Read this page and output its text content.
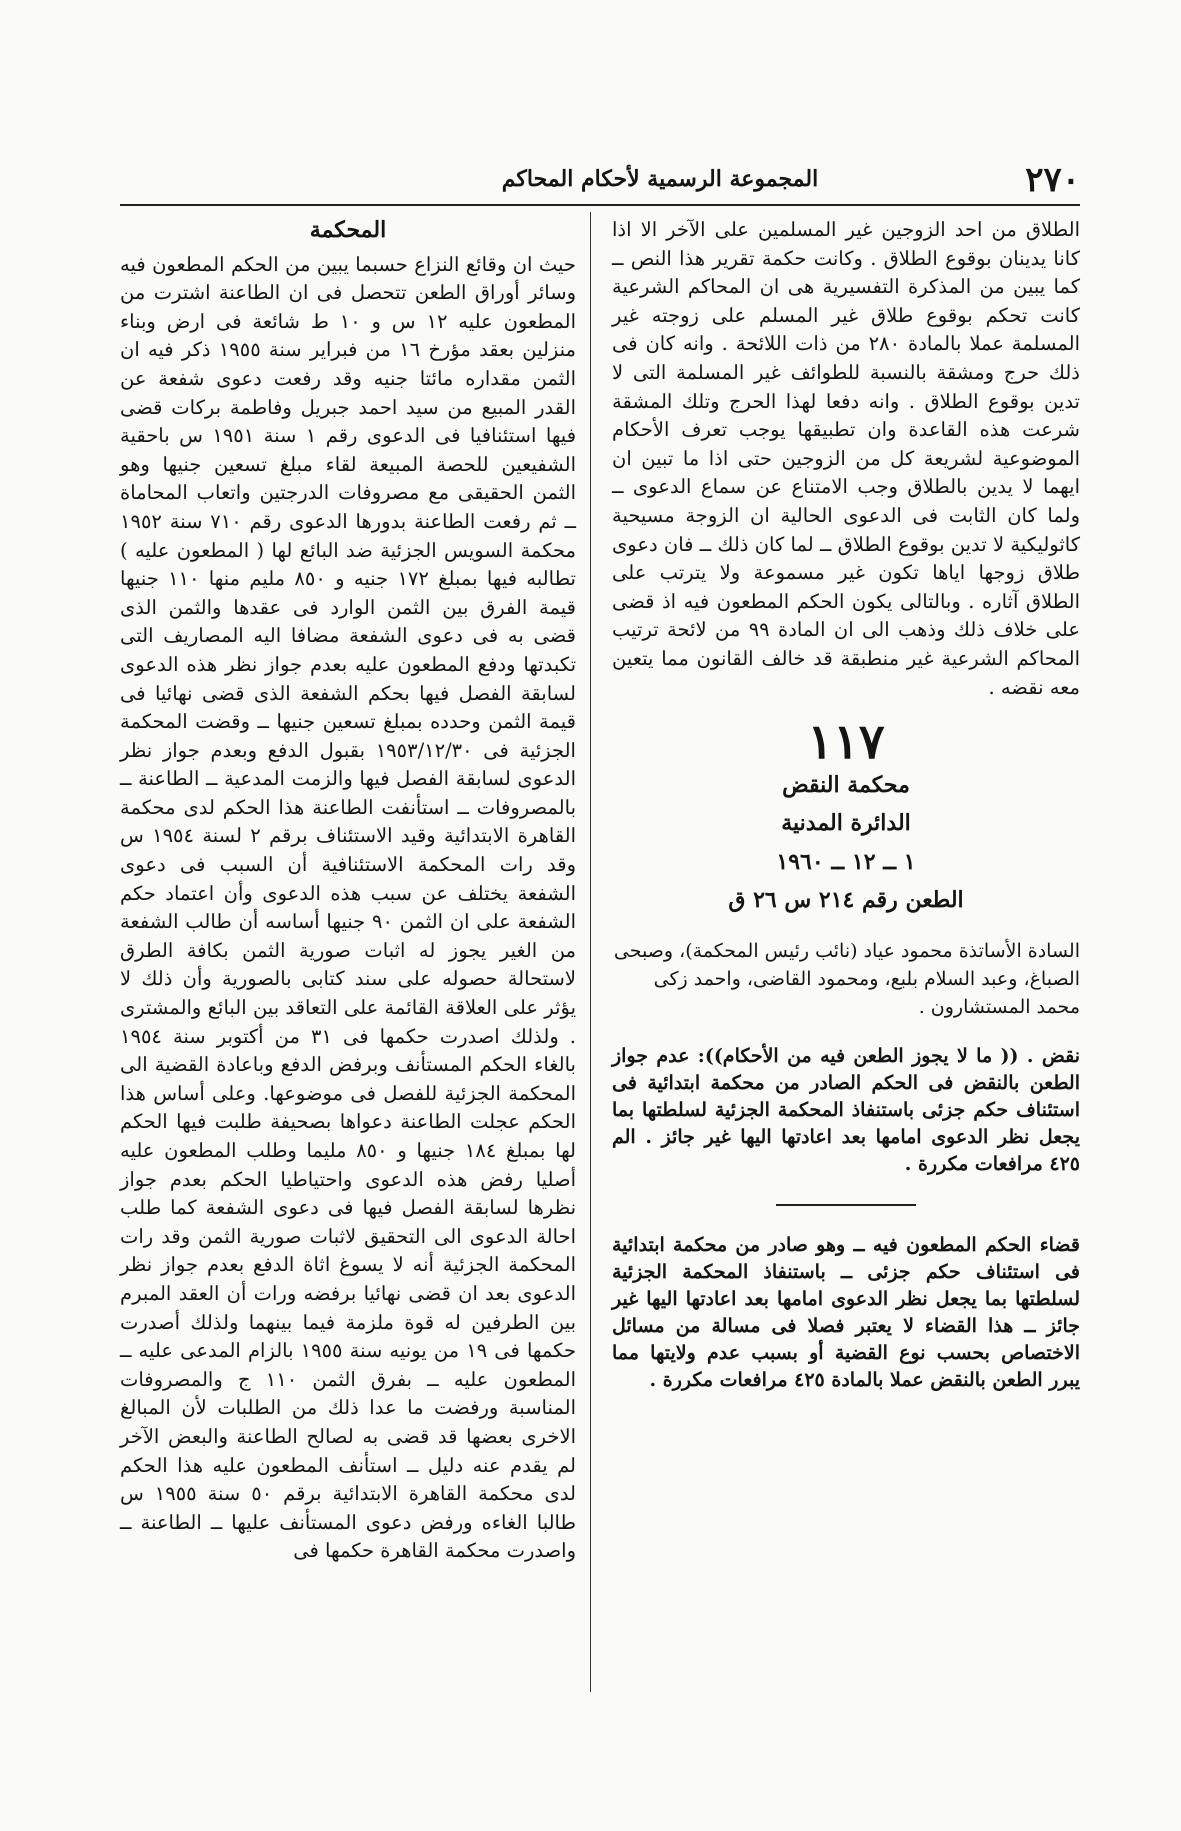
٢٧٠
المجموعة الرسمية لأحكام المحاكم

الطلاق من احد الزوجين غير المسلمين على الآخر الا اذا كانا يدينان بوقوع الطلاق . وكانت حكمة تقرير هذا النص ــ كما يبين من المذكرة التفسيرية هى ان المحاكم الشرعية كانت تحكم بوقوع طلاق غير المسلم على زوجته غير المسلمة عملا بالمادة ٢٨٠ من ذات اللائحة . وانه كان فى ذلك حرج ومشقة بالنسبة للطوائف غير المسلمة التى لا تدين بوقوع الطلاق . وانه دفعا لهذا الحرج وتلك المشقة شرعت هذه القاعدة وان تطبيقها يوجب تعرف الأحكام الموضوعية لشريعة كل من الزوجين حتى اذا ما تبين ان ايهما لا يدين بالطلاق وجب الامتناع عن سماع الدعوى ــ ولما كان الثابت فى الدعوى الحالية ان الزوجة مسيحية كاثوليكية لا تدين بوقوع الطلاق ــ لما كان ذلك ــ فان دعوى طلاق زوجها اياها تكون غير مسموعة ولا يترتب على الطلاق آثاره . وبالتالى يكون الحكم المطعون فيه اذ قضى على خلاف ذلك وذهب الى ان المادة ٩٩ من لائحة ترتيب المحاكم الشرعية غير منطبقة قد خالف القانون مما يتعين معه نقضه .

١١٧
محكمة النقض
الدائرة المدنية
١ ــ ١٢ ــ ١٩٦٠
الطعن رقم ٢١٤ س ٢٦ ق

السادة الأساتذة محمود عياد (نائب رئيس المحكمة)، وصبحى الصباغ، وعبد السلام بلبع، ومحمود القاضى، واحمد زكى محمد المستشارون .

نقض . (( ما لا يجوز الطعن فيه من الأحكام)): عدم جواز الطعن بالنقض فى الحكم الصادر من محكمة ابتدائية فى استئناف حكم جزئى باستنفاذ المحكمة الجزئية لسلطتها بما يجعل نظر الدعوى امامها بعد اعادتها اليها غير جائز . الم ٤٢٥ مرافعات مكررة .

قضاء الحكم المطعون فيه ــ وهو صادر من محكمة ابتدائية فى استئناف حكم جزئى ــ باستنفاذ المحكمة الجزئية لسلطتها بما يجعل نظر الدعوى امامها بعد اعادتها اليها غير جائز ــ هذا القضاء لا يعتبر فصلا فى مسالة من مسائل الاختصاص بحسب نوع القضية أو بسبب عدم ولايتها مما يبرر الطعن بالنقض عملا بالمادة ٤٢٥ مرافعات مكررة .

المحكمة

حيث ان وقائع النزاع حسبما يبين من الحكم المطعون فيه وسائر أوراق الطعن تتحصل فى ان الطاعنة اشترت من المطعون عليه ١٢ س و ١٠ ط شائعة فى ارض وبناء منزلين بعقد مؤرخ ١٦ من فبراير سنة ١٩٥٥ ذكر فيه ان الثمن مقداره مائتا جنيه وقد رفعت دعوى شفعة عن القدر المبيع من سيد احمد جبريل وفاطمة بركات قضى فيها استئنافيا فى الدعوى رقم ١ سنة ١٩٥١ س باحقية الشفيعين للحصة المبيعة لقاء مبلغ تسعين جنيها وهو الثمن الحقيقى مع مصروفات الدرجتين واتعاب المحاماة ــ ثم رفعت الطاعنة بدورها الدعوى رقم ٧١٠ سنة ١٩٥٢ محكمة السويس الجزئية ضد البائع لها ( المطعون عليه ) تطالبه فيها بمبلغ ١٧٢ جنيه و ٨٥٠ مليم منها ١١٠ جنيها قيمة الفرق بين الثمن الوارد فى عقدها والثمن الذى قضى به فى دعوى الشفعة مضافا اليه المصاريف التى تكبدتها ودفع المطعون عليه بعدم جواز نظر هذه الدعوى لسابقة الفصل فيها بحكم الشفعة الذى قضى نهائيا فى قيمة الثمن وحدده بمبلغ تسعين جنيها ــ وقضت المحكمة الجزئية فى ١٩٥٣/١٢/٣٠ بقبول الدفع وبعدم جواز نظر الدعوى لسابقة الفصل فيها والزمت المدعية ــ الطاعنة ــ بالمصروفات ــ استأنفت الطاعنة هذا الحكم لدى محكمة القاهرة الابتدائية وقيد الاستئناف برقم ٢ لسنة ١٩٥٤ س وقد رات المحكمة الاستئنافية أن السبب فى دعوى الشفعة يختلف عن سبب هذه الدعوى وأن اعتماد حكم الشفعة على ان الثمن ٩٠ جنيها أساسه أن طالب الشفعة من الغير يجوز له اثبات صورية الثمن بكافة الطرق لاستحالة حصوله على سند كتابى بالصورية وأن ذلك لا يؤثر على العلاقة القائمة على التعاقد بين البائع والمشترى . ولذلك اصدرت حكمها فى ٣١ من أكتوبر سنة ١٩٥٤ بالغاء الحكم المستأنف وبرفض الدفع وباعادة القضية الى المحكمة الجزئية للفصل فى موضوعها. وعلى أساس هذا الحكم عجلت الطاعنة دعواها بصحيفة طلبت فيها الحكم لها بمبلغ ١٨٤ جنيها و ٨٥٠ مليما وطلب المطعون عليه أصليا رفض هذه الدعوى واحتياطيا الحكم بعدم جواز نظرها لسابقة الفصل فيها فى دعوى الشفعة كما طلب احالة الدعوى الى التحقيق لاثبات صورية الثمن وقد رات المحكمة الجزئية أنه لا يسوغ اثاة الدفع بعدم جواز نظر الدعوى بعد ان قضى نهائيا برفضه ورات أن العقد المبرم بين الطرفين له قوة ملزمة فيما بينهما ولذلك أصدرت حكمها فى ١٩ من يونيه سنة ١٩٥٥ بالزام المدعى عليه ــ المطعون عليه ــ بفرق الثمن ١١٠ ج والمصروفات المناسبة ورفضت ما عدا ذلك من الطلبات لأن المبالغ الاخرى بعضها قد قضى به لصالح الطاعنة والبعض الآخر لم يقدم عنه دليل ــ استأنف المطعون عليه هذا الحكم لدى محكمة القاهرة الابتدائية برقم ٥٠ سنة ١٩٥٥ س طالبا الغاءه ورفض دعوى المستأنف عليها ــ الطاعنة ــ واصدرت محكمة القاهرة حكمها فى
